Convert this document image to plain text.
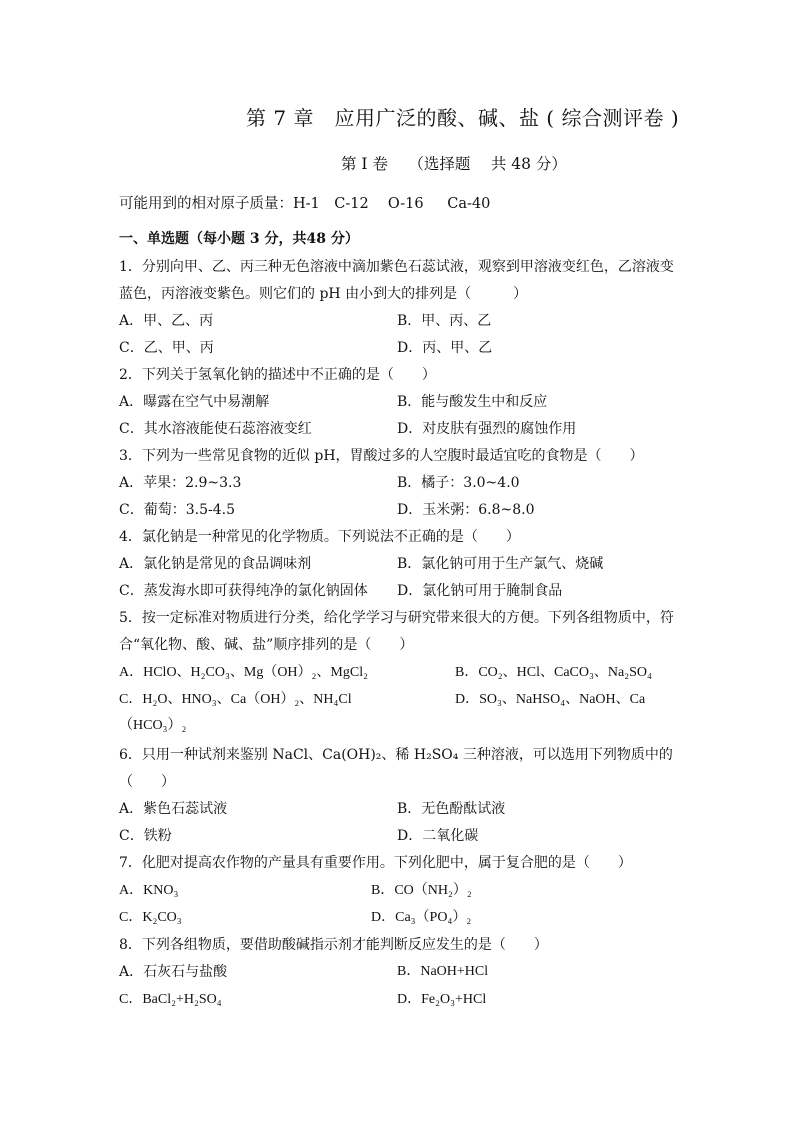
第 7 章　应用广泛的酸、碱、盐 ( 综合测评卷 )
第 I 卷　 （选择题　 共 48 分）
可能用到的相对原子质量：H-1　C-12　 O-16 　 Ca-40
一、单选题（每小题 3 分，共48 分）
1．分别向甲、乙、丙三种无色溶液中滴加紫色石蕊试液，观察到甲溶液变红色，乙溶液变
蓝色，丙溶液变紫色。则它们的 pH 由小到大的排列是（　　　）
A．甲、乙、丙	B．甲、丙、乙
C．乙、甲、丙	D．丙、甲、乙
2．下列关于氢氧化钠的描述中不正确的是（　　）
A．曝露在空气中易潮解	B．能与酸发生中和反应
C．其水溶液能使石蕊溶液变红	D．对皮肤有强烈的腐蚀作用
3．下列为一些常见食物的近似 pH，胃酸过多的人空腹时最适宜吃的食物是（　　）
A．苹果：2.9~3.3	B．橘子：3.0~4.0
C．葡萄：3.5-4.5	D．玉米粥：6.8~8.0
4．氯化钠是一种常见的化学物质。下列说法不正确的是（　　）
A．氯化钠是常见的食品调味剂	B．氯化钠可用于生产氯气、烧碱
C．蒸发海水即可获得纯净的氯化钠固体 D．氯化钠可用于腌制食品
5．按一定标准对物质进行分类，给化学学习与研究带来很大的方便。下列各组物质中，符
合“氧化物、酸、碱、盐”顺序排列的是（　　）
A．HClO、H₂CO₃、Mg（OH）₂、MgCl₂	B．CO₂、HCl、CaCO₃、Na₂SO₄
C．H₂O、HNO₃、Ca（OH）₂、NH₄Cl	D．SO₃、NaHSO₄、NaOH、Ca
（HCO₃）₂
6．只用一种试剂来鉴别 NaCl、Ca(OH)₂、稀 H₂SO₄ 三种溶液，可以选用下列物质中的
（　　）
A．紫色石蕊试液	B．无色酚酞试液
C．铁粉	D．二氧化碳
7．化肥对提高农作物的产量具有重要作用。下列化肥中，属于复合肥的是（　　）
A．KNO₃	B．CO（NH₂）₂
C．K₂CO₃	D．Ca₃（PO₄）₂
8．下列各组物质，要借助酸碱指示剂才能判断反应发生的是（　　）
A．石灰石与盐酸	B．NaOH+HCl
C．BaCl₂+H₂SO₄	D．Fe₂O₃+HCl
